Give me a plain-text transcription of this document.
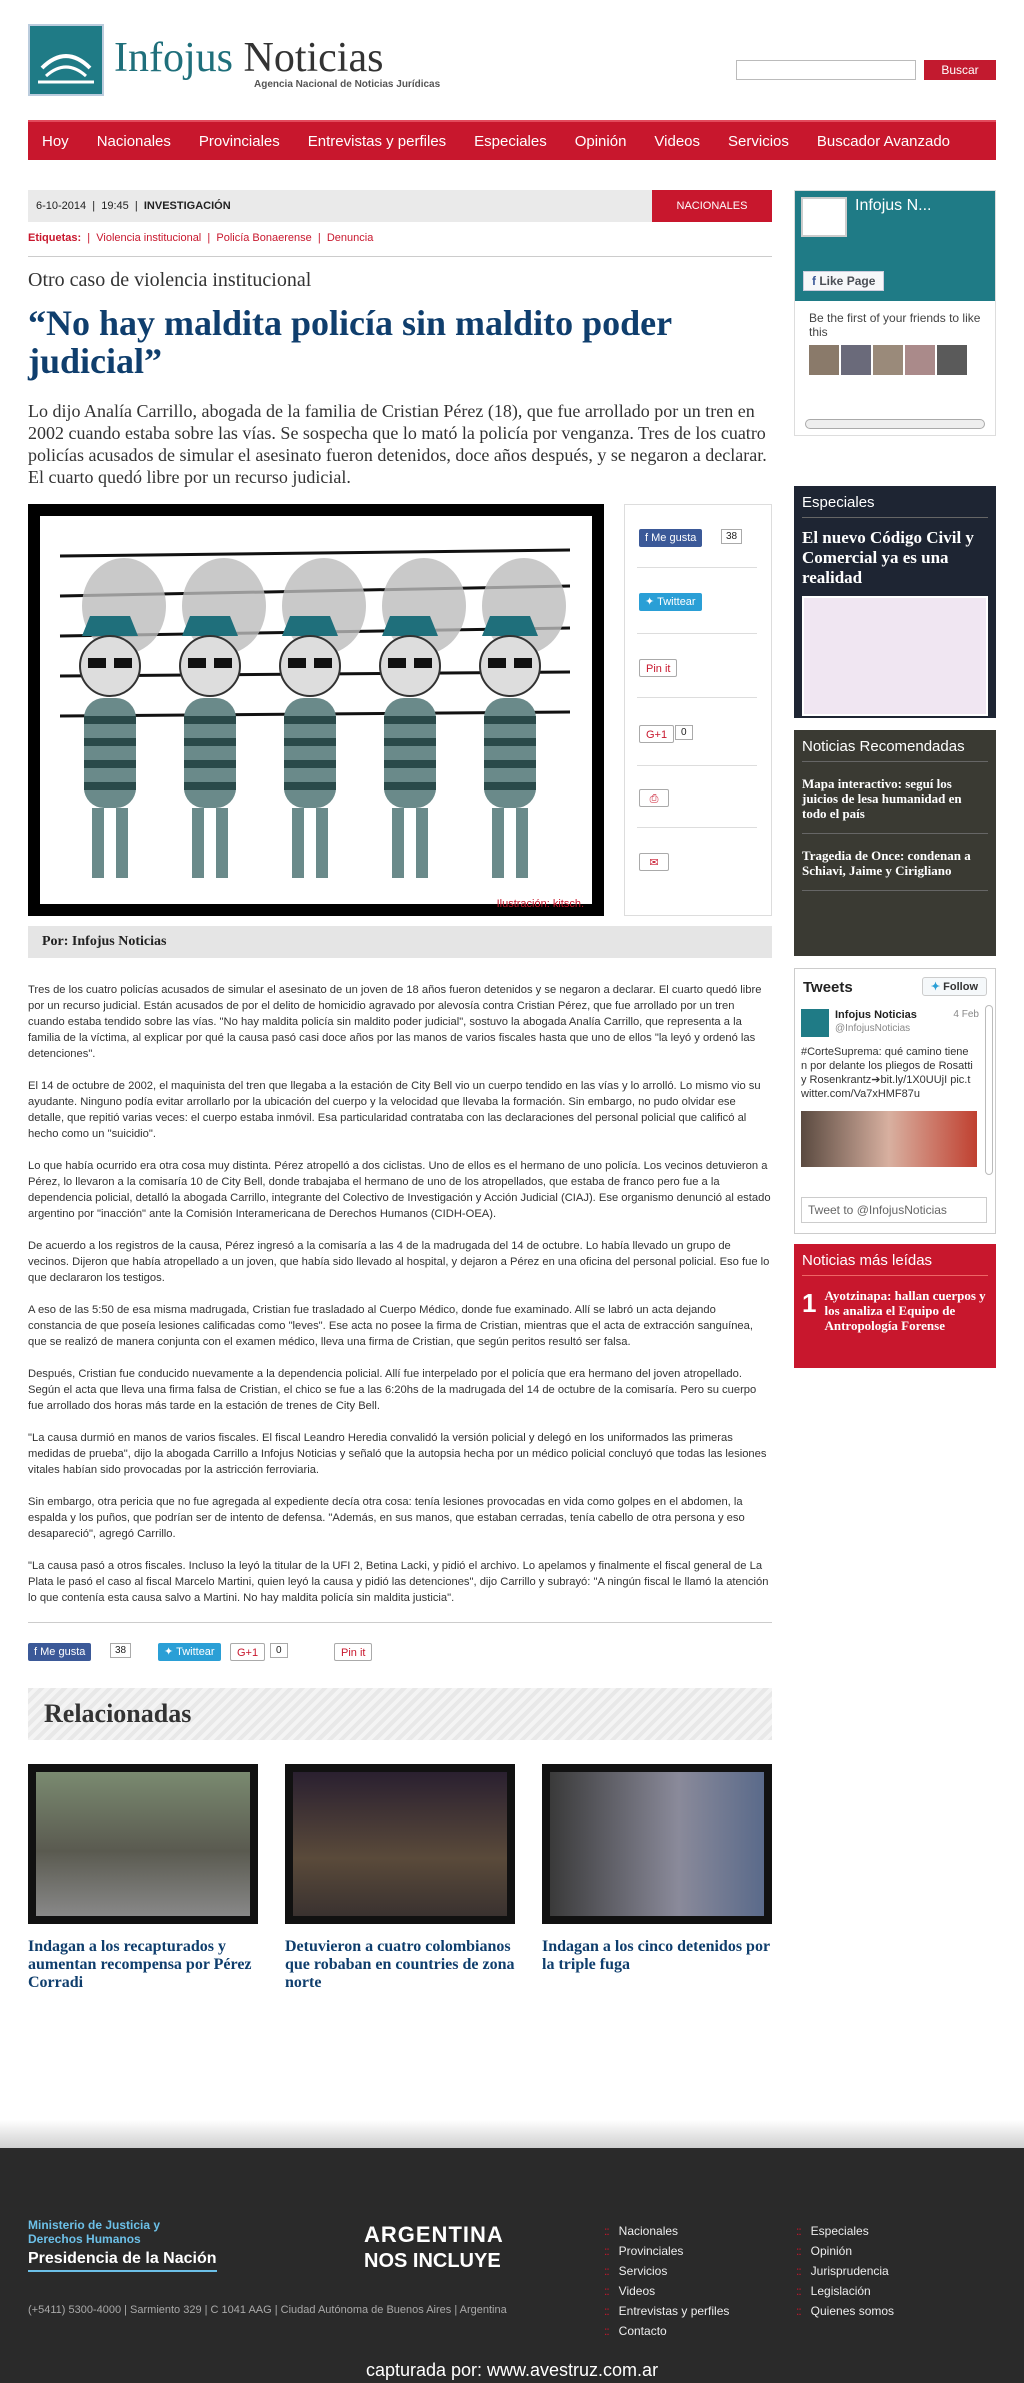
Infojus Noticias
Agencia Nacional de Noticias Jurídicas
Buscar
Hoy Nacionales Provinciales Entrevistas y perfiles Especiales Opinión Videos Servicios Buscador Avanzado
6-10-2014  |  19:45  |  INVESTIGACIÓN	NACIONALES
Etiquetas:  |  Violencia institucional  |  Policía Bonaerense  |  Denuncia
Otro caso de violencia institucional
“No hay maldita policía sin maldito poder judicial”
Lo dijo Analía Carrillo, abogada de la familia de Cristian Pérez (18), que fue arrollado por un tren en 2002 cuando estaba sobre las vías. Se sospecha que lo mató la policía por venganza. Tres de los cuatro policías acusados de simular el asesinato fueron detenidos, doce años después, y se negaron a declarar. El cuarto quedó libre por un recurso judicial.
Ilustración: kitsch.
f Me gusta	38
✦ Twittear
Pin it
G+1	0
⎙
✉
Por: Infojus Noticias

Tres de los cuatro policías acusados de simular el asesinato de un joven de 18 años fueron detenidos y se negaron a declarar. El cuarto quedó libre por un recurso judicial. Están acusados de por el delito de homicidio agravado por alevosía contra Cristian Pérez, que fue arrollado por un tren cuando estaba tendido sobre las vías. "No hay maldita policía sin maldito poder judicial", sostuvo la abogada Analía Carrillo, que representa a la familia de la víctima, al explicar por qué la causa pasó casi doce años por las manos de varios fiscales hasta que uno de ellos "la leyó y ordenó las detenciones".

El 14 de octubre de 2002, el maquinista del tren que llegaba a la estación de City Bell vio un cuerpo tendido en las vías y lo arrolló. Lo mismo vio su ayudante. Ninguno podía evitar arrollarlo por la ubicación del cuerpo y la velocidad que llevaba la formación. Sin embargo, no pudo olvidar ese detalle, que repitió varias veces: el cuerpo estaba inmóvil. Esa particularidad contrataba con las declaraciones del personal policial que calificó al hecho como un "suicidio".

Lo que había ocurrido era otra cosa muy distinta. Pérez atropelló a dos ciclistas. Uno de ellos es el hermano de uno policía. Los vecinos detuvieron a Pérez, lo llevaron a la comisaría 10 de City Bell, donde trabajaba el hermano de uno de los atropellados, que estaba de franco pero fue a la dependencia policial, detalló la abogada Carrillo, integrante del Colectivo de Investigación y Acción Judicial (CIAJ). Ese organismo denunció al estado argentino por "inacción" ante la Comisión Interamericana de Derechos Humanos (CIDH-OEA).

De acuerdo a los registros de la causa, Pérez ingresó a la comisaría a las 4 de la madrugada del 14 de octubre. Lo había llevado un grupo de vecinos. Dijeron que había atropellado a un joven, que había sido llevado al hospital, y dejaron a Pérez en una oficina del personal policial. Eso fue lo que declararon los testigos.

A eso de las 5:50 de esa misma madrugada, Cristian fue trasladado al Cuerpo Médico, donde fue examinado. Allí se labró un acta dejando constancia de que poseía lesiones calificadas como "leves". Ese acta no posee la firma de Cristian, mientras que el acta de extracción sanguínea, que se realizó de manera conjunta con el examen médico, lleva una firma de Cristian, que según peritos resultó ser falsa.

Después, Cristian fue conducido nuevamente a la dependencia policial. Allí fue interpelado por el policía que era hermano del joven atropellado. Según el acta que lleva una firma falsa de Cristian, el chico se fue a las 6:20hs de la madrugada del 14 de octubre de la comisaría. Pero su cuerpo fue arrollado dos horas más tarde en la estación de trenes de City Bell.

"La causa durmió en manos de varios fiscales. El fiscal Leandro Heredia convalidó la versión policial y delegó en los uniformados las primeras medidas de prueba", dijo la abogada Carrillo a Infojus Noticias y señaló que la autopsia hecha por un médico policial concluyó que todas las lesiones vitales habían sido provocadas por la astricción ferroviaria.

Sin embargo, otra pericia que no fue agregada al expediente decía otra cosa: tenía lesiones provocadas en vida como golpes en el abdomen, la espalda y los puños, que podrían ser de intento de defensa. "Además, en sus manos, que estaban cerradas, tenía cabello de otra persona y eso desapareció", agregó Carrillo.

"La causa pasó a otros fiscales. Incluso la leyó la titular de la UFI 2, Betina Lacki, y pidió el archivo. Lo apelamos y finalmente el fiscal general de La Plata le pasó el caso al fiscal Marcelo Martini, quien leyó la causa y pidió las detenciones", dijo Carrillo y subrayó: "A ningún fiscal le llamó la atención lo que contenía esta causa salvo a Martini. No hay maldita policía sin maldita justicia".

f Me gusta	38	✦ Twittear	G+1	0	Pin it
Relacionadas
Indagan a los recapturados y aumentan recompensa por Pérez Corradi
Detuvieron a cuatro colombianos que robaban en countries de zona norte
Indagan a los cinco detenidos por la triple fuga
Infojus N...
f Like Page
Be the first of your friends to like this
Especiales
El nuevo Código Civil y Comercial ya es una realidad
Noticias Recomendadas
Mapa interactivo: seguí los juicios de lesa humanidad en todo el país
Tragedia de Once: condenan a Schiavi, Jaime y Cirigliano
Tweets	✦ Follow
Infojus Noticias
@InfojusNoticias
4 Feb
#CorteSuprema: qué camino tienen por delante los pliegos de Rosatti y Rosenkrantz➔bit.ly/1X0UUjI pic.twitter.com/Va7xHMF87u
Tweet to @InfojusNoticias
Noticias más leídas
1 Ayotzinapa: hallan cuerpos y los analiza el Equipo de Antropología Forense
Ministerio de Justicia y Derechos Humanos
Presidencia de la Nación
ARGENTINA
NOS INCLUYE
(+5411) 5300-4000 | Sarmiento 329 | C 1041 AAG | Ciudad Autónoma de Buenos Aires | Argentina
:: Nacionales
:: Provinciales
:: Servicios
:: Videos
:: Entrevistas y perfiles
:: Contacto
:: Especiales
:: Opinión
:: Jurisprudencia
:: Legislación
:: Quienes somos
capturada por: www.avestruz.com.ar
